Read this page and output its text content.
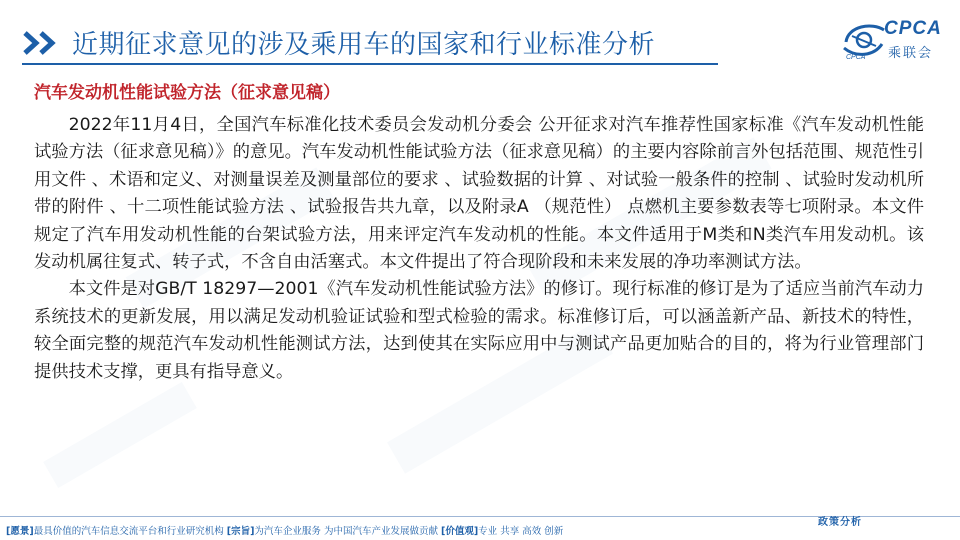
近期征求意见的涉及乘用车的国家和行业标准分析
CPCA
乘联会
CPCA
汽车发动机性能试验方法（征求意见稿）

2022年11月4日，全国汽车标准化技术委员会发动机分委会 公开征求对汽车推荐性国家标准《汽车发动机性能试验方法（征求意见稿）》的意见。汽车发动机性能试验方法（征求意见稿）的主要内容除前言外包括范围、规范性引用文件 、术语和定义、对测量误差及测量部位的要求 、试验数据的计算 、对试验一般条件的控制 、试验时发动机所带的附件 、十二项性能试验方法 、试验报告共九章，以及附录A （规范性） 点燃机主要参数表等七项附录。本文件规定了汽车用发动机性能的台架试验方法，用来评定汽车发动机的性能。本文件适用于M类和N类汽车用发动机。该发动机属往复式、转子式，不含自由活塞式。本文件提出了符合现阶段和未来发展的净功率测试方法。

本文件是对GB/T 18297—2001《汽车发动机性能试验方法》的修订。现行标准的修订是为了适应当前汽车动力系统技术的更新发展，用以满足发动机验证试验和型式检验的需求。标准修订后，可以涵盖新产品、新技术的特性，较全面完整的规范汽车发动机性能测试方法，达到使其在实际应用中与测试产品更加贴合的目的，将为行业管理部门提供技术支撑，更具有指导意义。

[愿景]最具价值的汽车信息交流平台和行业研究机构 [宗旨]为汽车企业服务 为中国汽车产业发展做贡献 [价值观]专业 共享 高效 创新
政策分析
